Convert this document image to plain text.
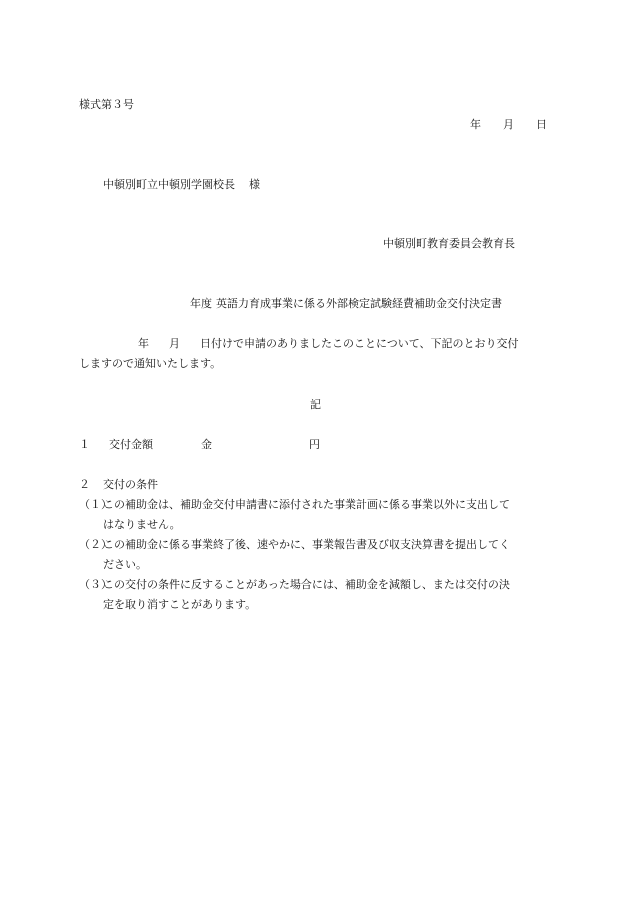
様式第３号
年 月 日
中頓別町立中頓別学園校長 様
中頓別町教育委員会教育長
年度 英語力育成事業に係る外部検定試験経費補助金交付決定書
年 月 日付けで申請のありましたこのことについて、下記のとおり交付
しますので通知いたします。
記
１ 交付金額	金	円
２ 交付の条件
（１）この補助金は、補助金交付申請書に添付された事業計画に係る事業以外に支出して
はなりません。
（２）この補助金に係る事業終了後、速やかに、事業報告書及び収支決算書を提出してく
ださい。
（３）この交付の条件に反することがあった場合には、補助金を減額し、または交付の決
定を取り消すことがあります。
